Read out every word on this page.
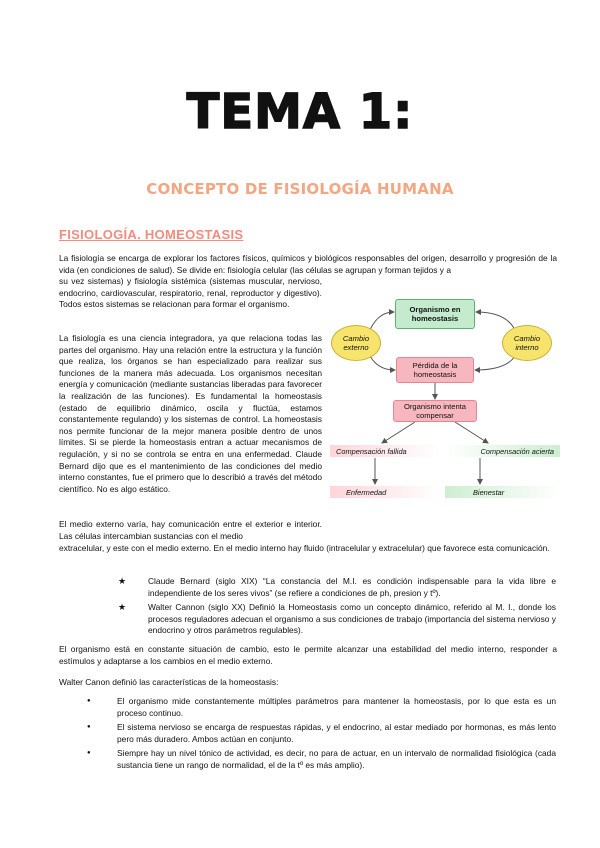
TEMA 1:
CONCEPTO DE FISIOLOGÍA HUMANA
FISIOLOGÍA. HOMEOSTASIS

La fisiología se encarga de explorar los factores físicos, químicos y biológicos responsables del origen, desarrollo y progresión de la vida (en condiciones de salud). Se divide en: fisiología celular (las células se agrupan y forman tejidos y a

su vez sistemas) y fisiología sistémica (sistemas muscular, nervioso, endocrino, cardiovascular, respiratorio, renal, reproductor y digestivo). Todos estos sistemas se relacionan para formar el organismo.

La fisiología es una ciencia integradora, ya que relaciona todas las partes del organismo. Hay una relación entre la estructura y la función que realiza, los órganos se han especializado para realizar sus funciones de la manera más adecuada. Los organismos necesitan energía y comunicación (mediante sustancias liberadas para favorecer la realización de las funciones). Es fundamental la homeostasis (estado de equilibrio dinámico, oscila y fluctúa, estamos constantemente regulando) y los sistemas de control. La homeostasis nos permite funcionar de la mejor manera posible dentro de unos límites. Si se pierde la homeostasis entran a actuar mecanismos de regulación, y si no se controla se entra en una enfermedad. Claude Bernard dijo que es el mantenimiento de las condiciones del medio interno constantes, fue el primero que lo describió a través del método científico. No es algo estático.

El medio externo varía, hay comunicación entre el exterior e interior. Las células intercambian sustancias con el medio

extracelular, y este con el medio externo. En el medio interno hay fluido (intracelular y extracelular) que favorece esta comunicación.

★ Claude Bernard (siglo XIX) “La constancia del M.I. es condición indispensable para la vida libre e independiente de los seres vivos” (se refiere a condiciones de ph, presion y tº).
★ Walter Cannon (siglo XX) Definió la Homeostasis como un concepto dinámico, referido al M. I., donde los procesos reguladores adecuan el organismo a sus condiciones de trabajo (importancia del sistema nervioso y endocrino y otros parámetros regulables).

El organismo está en constante situación de cambio, esto le permite alcanzar una estabilidad del medio interno, responder a estímulos y adaptarse a los cambios en el medio externo.

Walter Canon definió las características de la homeostasis:

● El organismo mide constantemente múltiples parámetros para mantener la homeostasis, por lo que esta es un proceso continuo.
● El sistema nervioso se encarga de respuestas rápidas, y el endocrino, al estar mediado por hormonas, es más lento pero más duradero. Ambos actúan en conjunto.
● Siempre hay un nivel tónico de actividad, es decir, no para de actuar, en un intervalo de normalidad fisiológica (cada sustancia tiene un rango de normalidad, el de la tº es más amplio).
Organismo en homeostasis
Cambio externo
Cambio interno
Pérdida de la homeostasis
Organismo intenta compensar
Compensación fallida	Compensación acierta
Enfermedad	Bienestar
